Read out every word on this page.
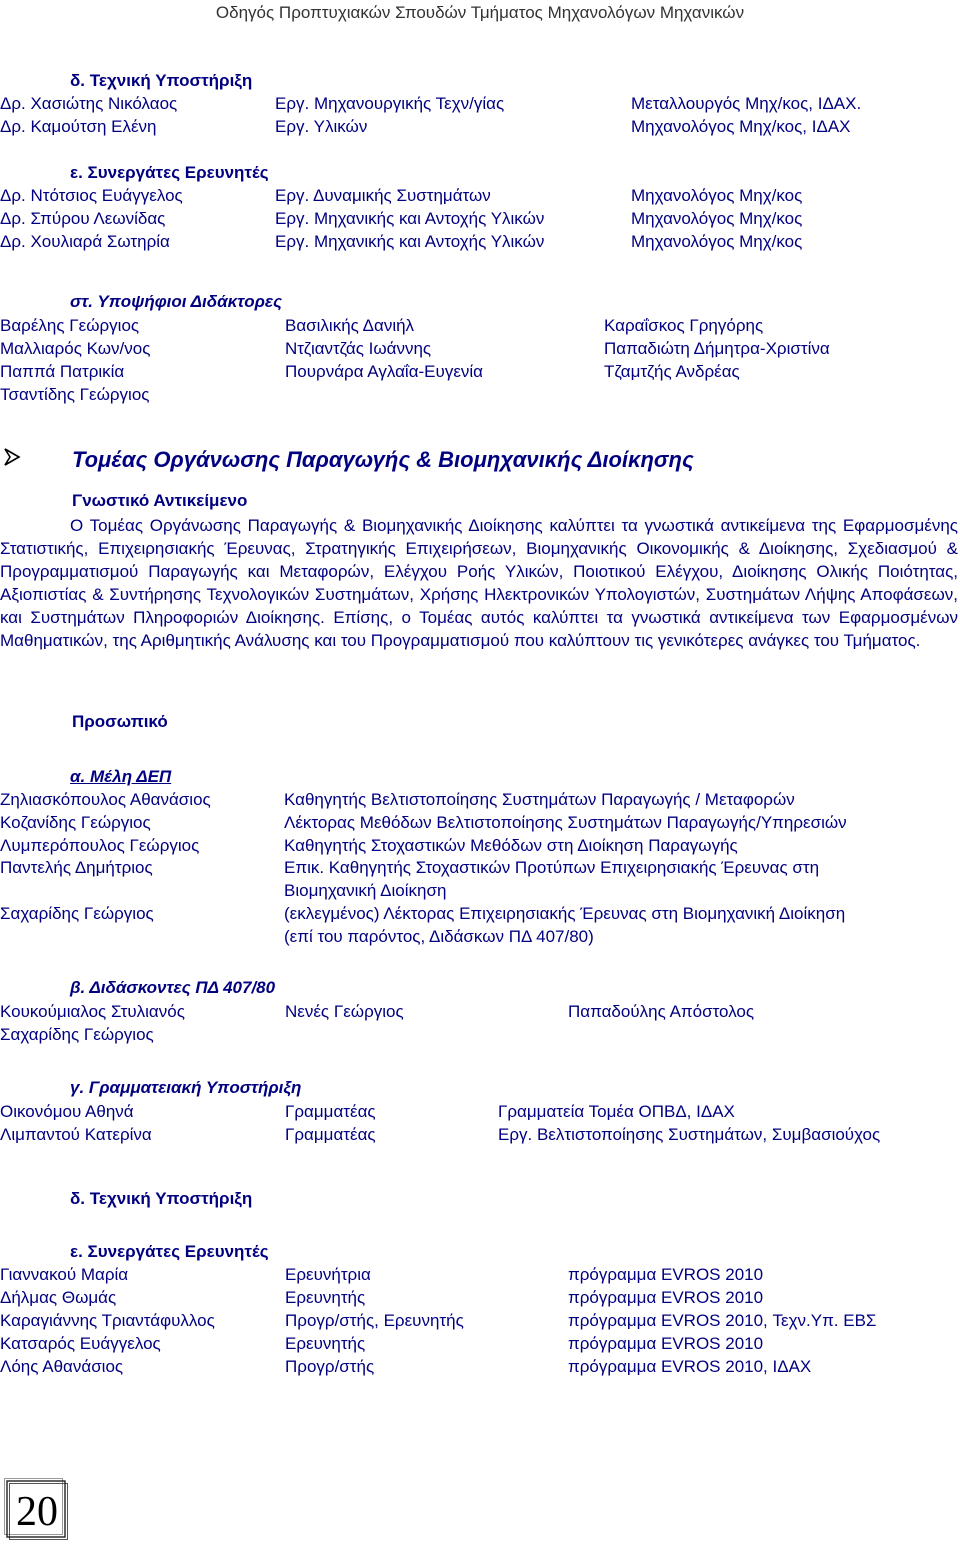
Οδηγός Προπτυχιακών Σπουδών Τμήματος Μηχανολόγων Μηχανικών
δ. Τεχνική Υποστήριξη
Δρ. Χασιώτης Νικόλαος	Εργ. Μηχανουργικής Τεχν/γίας	Μεταλλουργός Μηχ/κος, ΙΔΑΧ.
Δρ. Καμούτση Ελένη	Εργ. Υλικών	Μηχανολόγος Μηχ/κος, ΙΔΑΧ
ε. Συνεργάτες Ερευνητές
Δρ. Ντότσιος Ευάγγελος	Εργ. Δυναμικής Συστημάτων	Μηχανολόγος Μηχ/κος
Δρ. Σπύρου Λεωνίδας	Εργ. Μηχανικής και Αντοχής Υλικών	Μηχανολόγος Μηχ/κος
Δρ. Χουλιαρά Σωτηρία	Εργ. Μηχανικής και Αντοχής Υλικών	Μηχανολόγος Μηχ/κος
στ. Υποψήφιοι Διδάκτορες
Βαρέλης Γεώργιος	Βασιλικής Δανιήλ	Καραΐσκος Γρηγόρης
Μαλλιαρός Κων/νος	Ντζιαντζάς Ιωάννης	Παπαδιώτη Δήμητρα-Χριστίνα
Παππά Πατρικία	Πουρνάρα Αγλαΐα-Ευγενία	Τζαμτζής Ανδρέας
Τσαντίδης Γεώργιος
Τομέας Οργάνωσης Παραγωγής & Βιομηχανικής Διοίκησης
Γνωστικό Αντικείμενο
Ο Τομέας Οργάνωσης Παραγωγής & Βιομηχανικής Διοίκησης καλύπτει τα γνωστικά αντικείμενα της Εφαρμοσμένης Στατιστικής, Επιχειρησιακής Έρευνας, Στρατηγικής Επιχειρήσεων, Βιομηχανικής Οικονομικής & Διοίκησης, Σχεδιασμού & Προγραμματισμού Παραγωγής και Μεταφορών, Ελέγχου Ροής Υλικών, Ποιοτικού Ελέγχου, Διοίκησης Ολικής Ποιότητας, Αξιοπιστίας & Συντήρησης Τεχνολογικών Συστημάτων, Χρήσης Ηλεκτρονικών Υπολογιστών, Συστημάτων Λήψης Αποφάσεων, και Συστημάτων Πληροφοριών Διοίκησης. Επίσης, ο Τομέας αυτός καλύπτει τα γνωστικά αντικείμενα των Εφαρμοσμένων Μαθηματικών, της Αριθμητικής Ανάλυσης και του Προγραμματισμού που καλύπτουν τις γενικότερες ανάγκες του Τμήματος.
Προσωπικό
α. Μέλη ΔΕΠ
Ζηλιασκόπουλος Αθανάσιος	Καθηγητής Βελτιστοποίησης Συστημάτων Παραγωγής / Μεταφορών
Κοζανίδης Γεώργιος	Λέκτορας Μεθόδων Βελτιστοποίησης Συστημάτων Παραγωγής/Υπηρεσιών
Λυμπερόπουλος Γεώργιος	Καθηγητής Στοχαστικών Μεθόδων στη Διοίκηση Παραγωγής
Παντελής Δημήτριος	Επικ. Καθηγητής Στοχαστικών Προτύπων Επιχειρησιακής Έρευνας στη
Βιομηχανική Διοίκηση
Σαχαρίδης Γεώργιος	(εκλεγμένος) Λέκτορας Επιχειρησιακής Έρευνας στη Βιομηχανική Διοίκηση
(επί του παρόντος, Διδάσκων ΠΔ 407/80)
β. Διδάσκοντες ΠΔ 407/80
Κουκούμιαλος Στυλιανός	Νενές Γεώργιος	Παπαδούλης Απόστολος
Σαχαρίδης Γεώργιος
γ. Γραμματειακή Υποστήριξη
Οικονόμου Αθηνά	Γραμματέας	Γραμματεία Τομέα ΟΠΒΔ, ΙΔΑΧ
Λιμπαντού Κατερίνα	Γραμματέας	Εργ. Βελτιστοποίησης Συστημάτων, Συμβασιούχος
δ. Τεχνική Υποστήριξη
ε. Συνεργάτες Ερευνητές
Γιαννακού Μαρία	Ερευνήτρια	πρόγραμμα EVROS 2010
Δήλμας Θωμάς	Ερευνητής	πρόγραμμα EVROS 2010
Καραγιάννης Τριαντάφυλλος	Προγρ/στής, Ερευνητής	πρόγραμμα EVROS 2010, Τεχν.Υπ. ΕΒΣ
Κατσαρός Ευάγγελος	Ερευνητής	πρόγραμμα EVROS 2010
Λόης Αθανάσιος	Προγρ/στής	πρόγραμμα EVROS 2010, ΙΔΑΧ
20
